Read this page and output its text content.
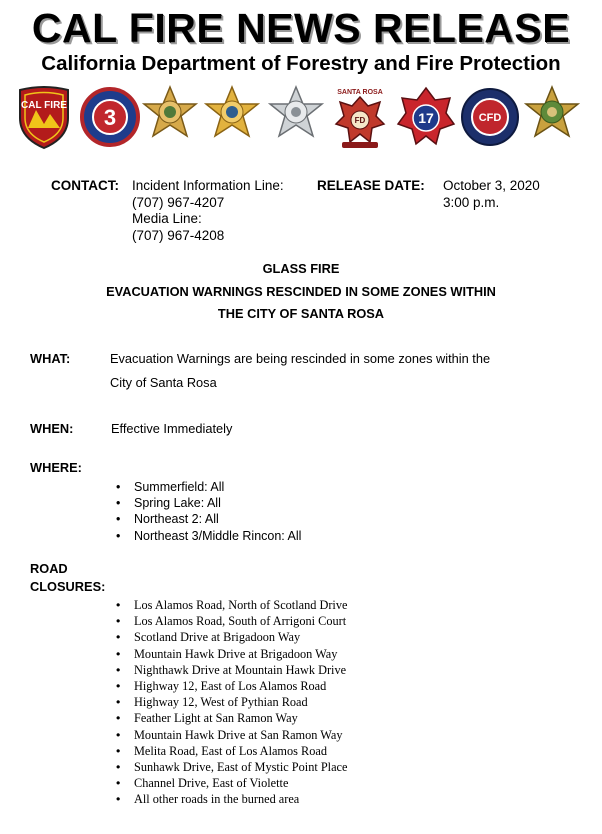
CAL FIRE NEWS RELEASE
California Department of Forestry and Fire Protection
CAL FIRE 3
SANTA ROSA
FD	17	CFD
CONTACT: Incident Information Line:
(707) 967-4207
Media Line:
(707) 967-4208
RELEASE DATE: October 3, 2020
3:00 p.m.
GLASS FIRE
EVACUATION WARNINGS RESCINDED IN SOME ZONES WITHIN
THE CITY OF SANTA ROSA
WHAT:	Evacuation Warnings are being rescinded in some zones within the
City of Santa Rosa
WHEN:	Effective Immediately
WHERE:
• Summerfield: All
• Spring Lake: All
• Northeast 2: All
• Northeast 3/Middle Rincon: All
ROAD
CLOSURES:
• Los Alamos Road, North of Scotland Drive
• Los Alamos Road, South of Arrigoni Court
• Scotland Drive at Brigadoon Way
• Mountain Hawk Drive at Brigadoon Way
• Nighthawk Drive at Mountain Hawk Drive
• Highway 12, East of Los Alamos Road
• Highway 12, West of Pythian Road
• Feather Light at San Ramon Way
• Mountain Hawk Drive at San Ramon Way
• Melita Road, East of Los Alamos Road
• Sunhawk Drive, East of Mystic Point Place
• Channel Drive, East of Violette
• All other roads in the burned area
